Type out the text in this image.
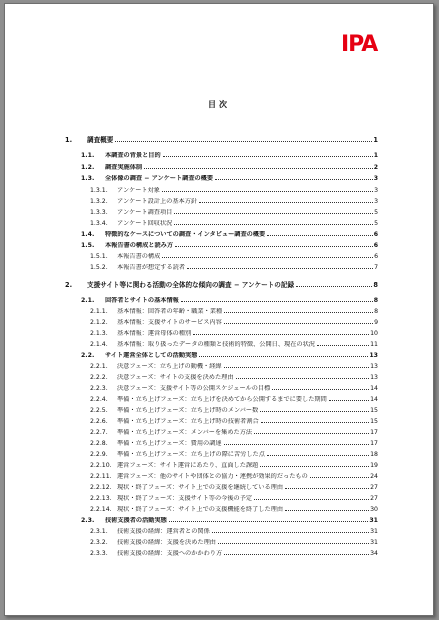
IPA
目次
1.	調査概要	1
1.1.	本調査の背景と目的	1
1.2.	調査実施体制	2
1.3.	全体像の調査 − アンケート調査の概要	3
1.3.1.	アンケート対象	3
1.3.2.	アンケート設計上の基本方針	3
1.3.3.	アンケート調査項目	5
1.3.4.	アンケート回収状況	5
1.4.	特徴的なケースについての調査・インタビュー調査の概要	6
1.5.	本報告書の構成と読み方	6
1.5.1.	本報告書の構成	6
1.5.2.	本報告書が想定する読者	7
2.	支援サイト等に関わる活動の全体的な傾向の調査 − アンケートの記録	8
2.1.	回答者とサイトの基本情報	8
2.1.1.	基本情報：回答者の年齢・職業・業種	8
2.1.2.	基本情報：支援サイトのサービス内容	9
2.1.3.	基本情報：運営母体の種別	10
2.1.4.	基本情報：取り扱ったデータの種類と技術的特徴、公開日、現在の状況	11
2.2.	サイト運営全体としての活動実態	13
2.2.1.	決意フェーズ：立ち上げの動機・経緯	13
2.2.2.	決意フェーズ：サイトの支援を決めた理由	13
2.2.3.	決意フェーズ：支援サイト等の公開スケジュールの目標	14
2.2.4.	準備・立ち上げフェーズ：立ち上げを決めてから公開するまでに要した期間	14
2.2.5.	準備・立ち上げフェーズ：立ち上げ時のメンバー数	15
2.2.6.	準備・立ち上げフェーズ：立ち上げ時の技術者割合	15
2.2.7.	準備・立ち上げフェーズ：メンバーを集めた方法	17
2.2.8.	準備・立ち上げフェーズ：費用の調達	17
2.2.9.	準備・立ち上げフェーズ：立ち上げの際に苦労した点	18
2.2.10. 運営フェーズ：サイト運営にあたり、直面した課題	19
2.2.11. 運営フェーズ：他のサイトや団体との協力・連携が効果的だったもの	24
2.2.12. 現状・終了フェーズ：サイト上での支援を継続している理由	27
2.2.13. 現状・終了フェーズ：支援サイト等の今後の予定	27
2.2.14. 現状・終了フェーズ：サイト上での支援機能を終了した理由	30
2.3.	技術支援者の活動実態	31
2.3.1.	技術支援の経緯：運営者との関係	31
2.3.2.	技術支援の経緯：支援を決めた理由	31
2.3.3.	技術支援の経緯：支援へのかかわり方	34
